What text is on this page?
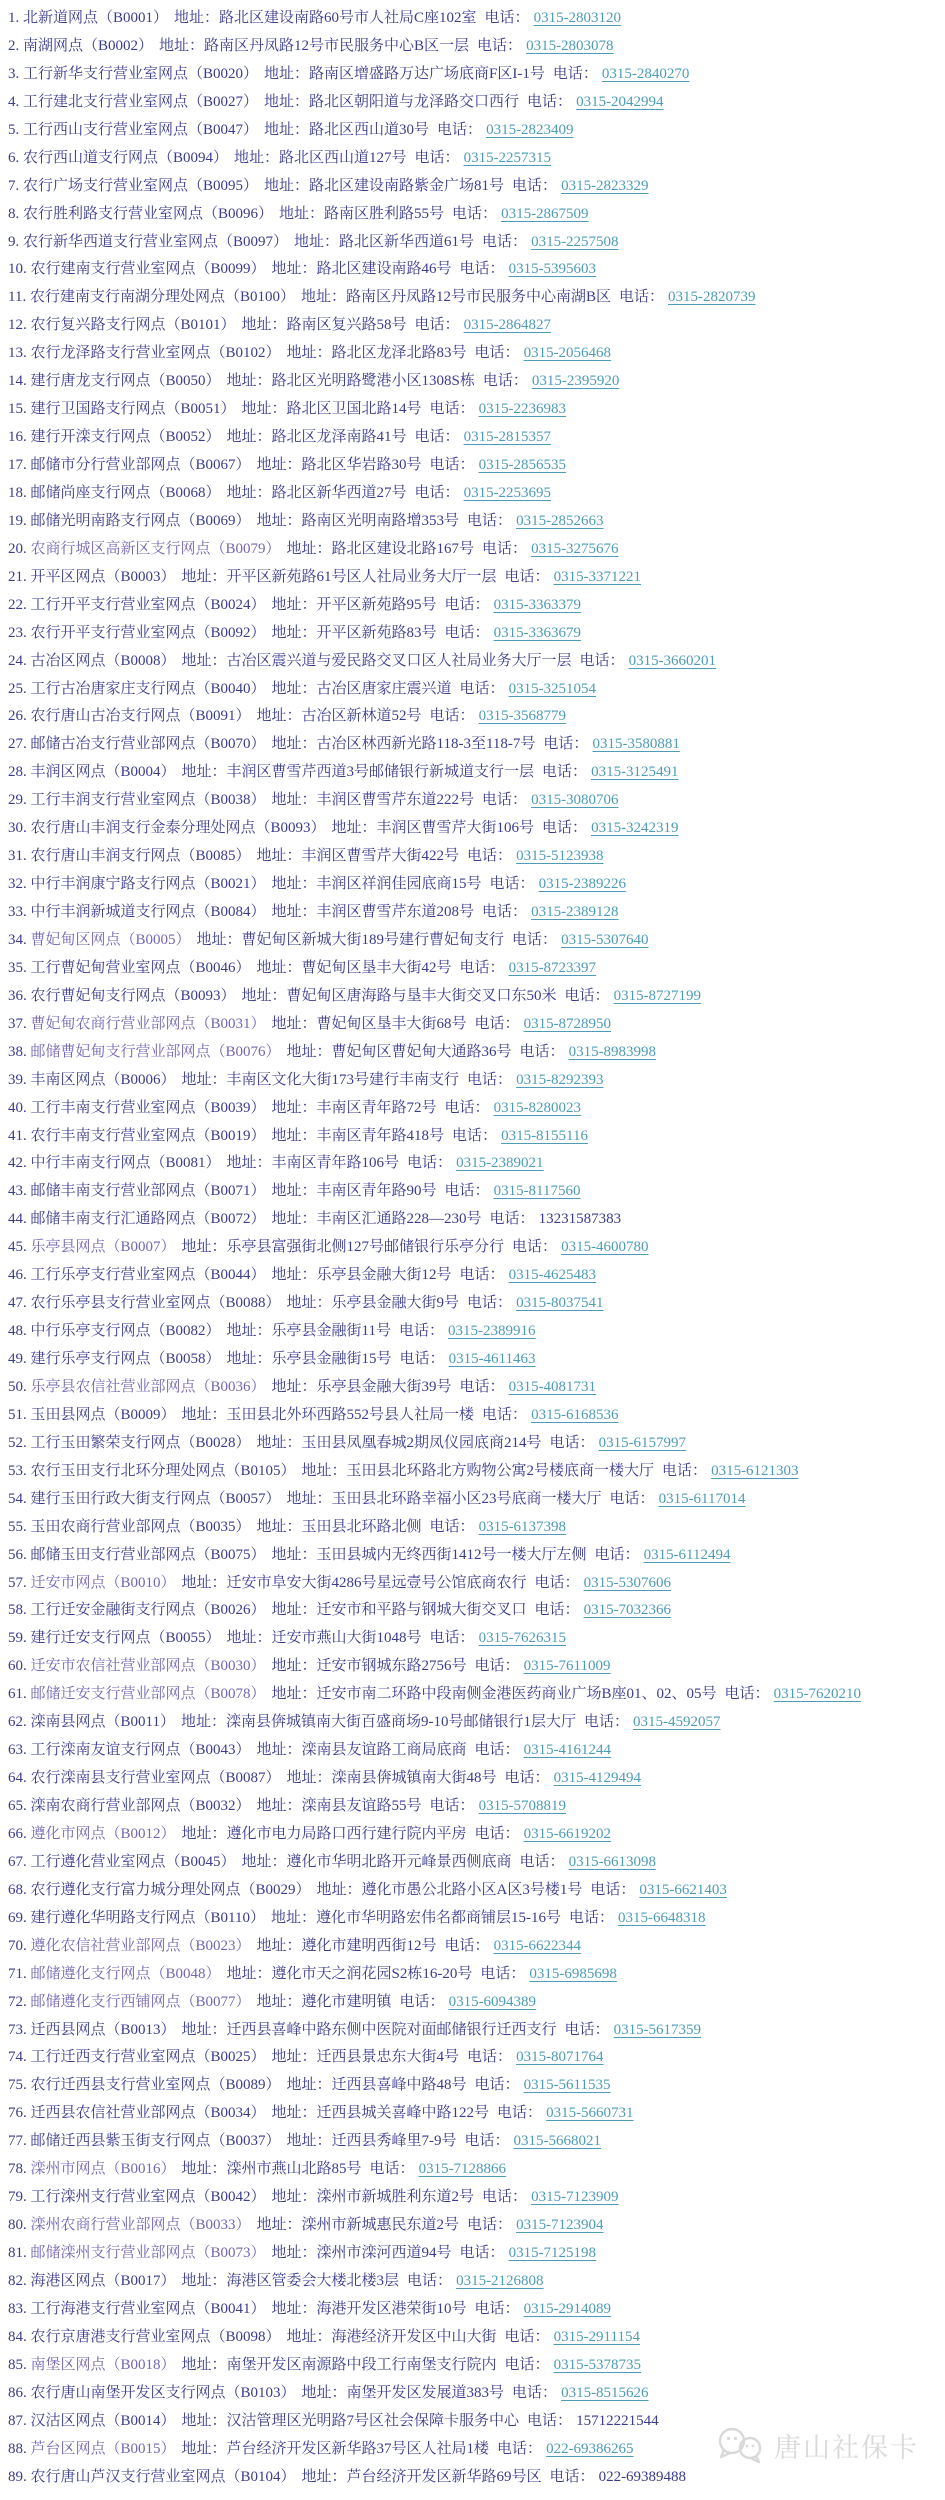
1. 北新道网点（B0001） 地址：路北区建设南路60号市人社局C座102室 电话： 0315-2803120
2. 南湖网点（B0002） 地址：路南区丹凤路12号市民服务中心B区一层 电话： 0315-2803078
3. 工行新华支行营业室网点（B0020） 地址：路南区增盛路万达广场底商F区I-1号 电话： 0315-2840270
4. 工行建北支行营业室网点（B0027） 地址：路北区朝阳道与龙泽路交口西行 电话： 0315-2042994
5. 工行西山支行营业室网点（B0047） 地址：路北区西山道30号 电话： 0315-2823409
6. 农行西山道支行网点（B0094） 地址：路北区西山道127号 电话： 0315-2257315
7. 农行广场支行营业室网点（B0095） 地址：路北区建设南路紫金广场81号 电话： 0315-2823329
8. 农行胜利路支行营业室网点（B0096） 地址：路南区胜利路55号 电话： 0315-2867509
9. 农行新华西道支行营业室网点（B0097） 地址：路北区新华西道61号 电话： 0315-2257508
10. 农行建南支行营业室网点（B0099） 地址：路北区建设南路46号 电话： 0315-5395603
11. 农行建南支行南湖分理处网点（B0100） 地址：路南区丹凤路12号市民服务中心南湖B区 电话： 0315-2820739
12. 农行复兴路支行网点（B0101） 地址：路南区复兴路58号 电话： 0315-2864827
13. 农行龙泽路支行营业室网点（B0102） 地址：路北区龙泽北路83号 电话： 0315-2056468
14. 建行唐龙支行网点（B0050） 地址：路北区光明路鹭港小区1308S栋 电话： 0315-2395920
15. 建行卫国路支行网点（B0051） 地址：路北区卫国北路14号 电话： 0315-2236983
16. 建行开滦支行网点（B0052） 地址：路北区龙泽南路41号 电话： 0315-2815357
17. 邮储市分行营业部网点（B0067） 地址：路北区华岩路30号 电话： 0315-2856535
18. 邮储尚座支行网点（B0068） 地址：路北区新华西道27号 电话： 0315-2253695
19. 邮储光明南路支行网点（B0069） 地址：路南区光明南路增353号 电话： 0315-2852663
20. 农商行城区高新区支行网点（B0079） 地址：路北区建设北路167号 电话： 0315-3275676
21. 开平区网点（B0003） 地址：开平区新苑路61号区人社局业务大厅一层 电话： 0315-3371221
22. 工行开平支行营业室网点（B0024） 地址：开平区新苑路95号 电话： 0315-3363379
23. 农行开平支行营业室网点（B0092） 地址：开平区新苑路83号 电话： 0315-3363679
24. 古冶区网点（B0008） 地址：古冶区震兴道与爱民路交叉口区人社局业务大厅一层 电话： 0315-3660201
25. 工行古冶唐家庄支行网点（B0040） 地址：古冶区唐家庄震兴道 电话： 0315-3251054
26. 农行唐山古冶支行网点（B0091） 地址：古冶区新林道52号 电话： 0315-3568779
27. 邮储古冶支行营业部网点（B0070） 地址：古冶区林西新光路118-3至118-7号 电话： 0315-3580881
28. 丰润区网点（B0004） 地址：丰润区曹雪芹西道3号邮储银行新城道支行一层 电话： 0315-3125491
29. 工行丰润支行营业室网点（B0038） 地址：丰润区曹雪芹东道222号 电话： 0315-3080706
30. 农行唐山丰润支行金泰分理处网点（B0093） 地址：丰润区曹雪芹大街106号 电话： 0315-3242319
31. 农行唐山丰润支行网点（B0085） 地址：丰润区曹雪芹大街422号 电话： 0315-5123938
32. 中行丰润康宁路支行网点（B0021） 地址：丰润区祥润佳园底商15号 电话： 0315-2389226
33. 中行丰润新城道支行网点（B0084） 地址：丰润区曹雪芹东道208号 电话： 0315-2389128
34. 曹妃甸区网点（B0005） 地址：曹妃甸区新城大街189号建行曹妃甸支行 电话： 0315-5307640
35. 工行曹妃甸营业室网点（B0046） 地址：曹妃甸区垦丰大街42号 电话： 0315-8723397
36. 农行曹妃甸支行网点（B0093） 地址：曹妃甸区唐海路与垦丰大街交叉口东50米 电话： 0315-8727199
37. 曹妃甸农商行营业部网点（B0031） 地址：曹妃甸区垦丰大街68号 电话： 0315-8728950
38. 邮储曹妃甸支行营业部网点（B0076） 地址：曹妃甸区曹妃甸大通路36号 电话： 0315-8983998
39. 丰南区网点（B0006） 地址：丰南区文化大街173号建行丰南支行 电话： 0315-8292393
40. 工行丰南支行营业室网点（B0039） 地址：丰南区青年路72号 电话： 0315-8280023
41. 农行丰南支行营业室网点（B0019） 地址：丰南区青年路418号 电话： 0315-8155116
42. 中行丰南支行网点（B0081） 地址：丰南区青年路106号 电话： 0315-2389021
43. 邮储丰南支行营业部网点（B0071） 地址：丰南区青年路90号 电话： 0315-8117560
44. 邮储丰南支行汇通路网点（B0072） 地址：丰南区汇通路228—230号 电话： 13231587383
45. 乐亭县网点（B0007） 地址：乐亭县富强街北侧127号邮储银行乐亭分行 电话： 0315-4600780
46. 工行乐亭支行营业室网点（B0044） 地址：乐亭县金融大街12号 电话： 0315-4625483
47. 农行乐亭县支行营业室网点（B0088） 地址：乐亭县金融大街9号 电话： 0315-8037541
48. 中行乐亭支行网点（B0082） 地址：乐亭县金融街11号 电话： 0315-2389916
49. 建行乐亭支行网点（B0058） 地址：乐亭县金融街15号 电话： 0315-4611463
50. 乐亭县农信社营业部网点（B0036） 地址：乐亭县金融大街39号 电话： 0315-4081731
51. 玉田县网点（B0009） 地址：玉田县北外环西路552号县人社局一楼 电话： 0315-6168536
52. 工行玉田繁荣支行网点（B0028） 地址：玉田县凤凰春城2期凤仪园底商214号 电话： 0315-6157997
53. 农行玉田支行北环分理处网点（B0105） 地址：玉田县北环路北方购物公寓2号楼底商一楼大厅 电话： 0315-6121303
54. 建行玉田行政大街支行网点（B0057） 地址：玉田县北环路幸福小区23号底商一楼大厅 电话： 0315-6117014
55. 玉田农商行营业部网点（B0035） 地址：玉田县北环路北侧 电话： 0315-6137398
56. 邮储玉田支行营业部网点（B0075） 地址：玉田县城内无终西街1412号一楼大厅左侧 电话： 0315-6112494
57. 迁安市网点（B0010） 地址：迁安市阜安大街4286号星远壹号公馆底商农行 电话： 0315-5307606
58. 工行迁安金融街支行网点（B0026） 地址：迁安市和平路与钢城大街交叉口 电话： 0315-7032366
59. 建行迁安支行网点（B0055） 地址：迁安市燕山大街1048号 电话： 0315-7626315
60. 迁安市农信社营业部网点（B0030） 地址：迁安市钢城东路2756号 电话： 0315-7611009
61. 邮储迁安支行营业部网点（B0078） 地址：迁安市南二环路中段南侧金港医药商业广场B座01、02、05号 电话： 0315-7620210
62. 滦南县网点（B0011） 地址：滦南县倴城镇南大街百盛商场9-10号邮储银行1层大厅 电话： 0315-4592057
63. 工行滦南友谊支行网点（B0043） 地址：滦南县友谊路工商局底商 电话： 0315-4161244
64. 农行滦南县支行营业室网点（B0087） 地址：滦南县倴城镇南大街48号 电话： 0315-4129494
65. 滦南农商行营业部网点（B0032） 地址：滦南县友谊路55号 电话： 0315-5708819
66. 遵化市网点（B0012） 地址：遵化市电力局路口西行建行院内平房 电话： 0315-6619202
67. 工行遵化营业室网点（B0045） 地址：遵化市华明北路开元峰景西侧底商 电话： 0315-6613098
68. 农行遵化支行富力城分理处网点（B0029） 地址：遵化市愚公北路小区A区3号楼1号 电话： 0315-6621403
69. 建行遵化华明路支行网点（B0110） 地址：遵化市华明路宏伟名都商铺层15-16号 电话： 0315-6648318
70. 遵化农信社营业部网点（B0023） 地址：遵化市建明西街12号 电话： 0315-6622344
71. 邮储遵化支行网点（B0048） 地址：遵化市天之润花园S2栋16-20号 电话： 0315-6985698
72. 邮储遵化支行西铺网点（B0077） 地址：遵化市建明镇 电话： 0315-6094389
73. 迁西县网点（B0013） 地址：迁西县喜峰中路东侧中医院对面邮储银行迁西支行 电话： 0315-5617359
74. 工行迁西支行营业室网点（B0025） 地址：迁西县景忠东大街4号 电话： 0315-8071764
75. 农行迁西县支行营业室网点（B0089） 地址：迁西县喜峰中路48号 电话： 0315-5611535
76. 迁西县农信社营业部网点（B0034） 地址：迁西县城关喜峰中路122号 电话： 0315-5660731
77. 邮储迁西县紫玉街支行网点（B0037） 地址：迁西县秀峰里7-9号 电话： 0315-5668021
78. 滦州市网点（B0016） 地址：滦州市燕山北路85号 电话： 0315-7128866
79. 工行滦州支行营业室网点（B0042） 地址：滦州市新城胜利东道2号 电话： 0315-7123909
80. 滦州农商行营业部网点（B0033） 地址：滦州市新城惠民东道2号 电话： 0315-7123904
81. 邮储滦州支行营业部网点（B0073） 地址：滦州市滦河西道94号 电话： 0315-7125198
82. 海港区网点（B0017） 地址：海港区管委会大楼北楼3层 电话： 0315-2126808
83. 工行海港支行营业室网点（B0041） 地址：海港开发区港荣街10号 电话： 0315-2914089
84. 农行京唐港支行营业室网点（B0098） 地址：海港经济开发区中山大街 电话： 0315-2911154
85. 南堡区网点（B0018） 地址：南堡开发区南源路中段工行南堡支行院内 电话： 0315-5378735
86. 农行唐山南堡开发区支行网点（B0103） 地址：南堡开发区发展道383号 电话： 0315-8515626
87. 汉沽区网点（B0014） 地址：汉沽管理区光明路7号区社会保障卡服务中心 电话： 15712221544
88. 芦台区网点（B0015） 地址：芦台经济开发区新华路37号区人社局1楼 电话： 022-69386265
89. 农行唐山芦汉支行营业室网点（B0104） 地址：芦台经济开发区新华路69号区 电话： 022-69389488
唐山社保卡
